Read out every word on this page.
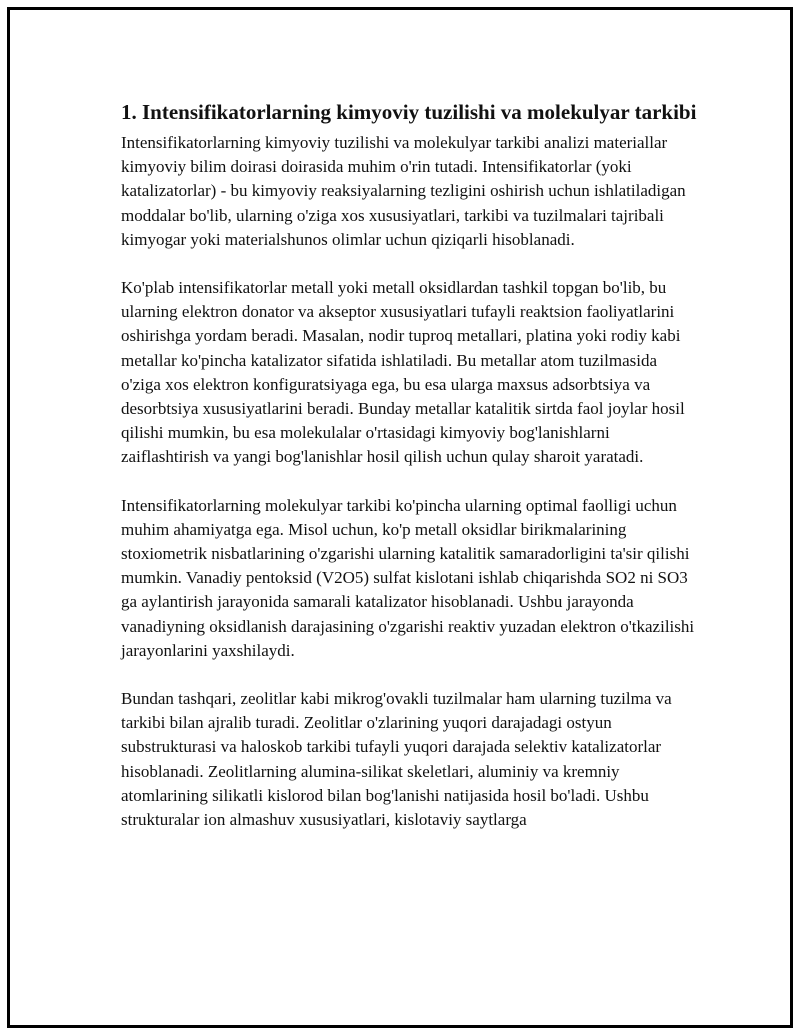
1. Intensifikatorlarning kimyoviy tuzilishi va molekulyar tarkibi

Intensifikatorlarning kimyoviy tuzilishi va molekulyar tarkibi analizi materiallar kimyoviy bilim doirasi doirasida muhim o'rin tutadi. Intensifikatorlar (yoki katalizatorlar) - bu kimyoviy reaksiyalarning tezligini oshirish uchun ishlatiladigan moddalar bo'lib, ularning o'ziga xos xususiyatlari, tarkibi va tuzilmalari tajribali kimyogar yoki materialshunos olimlar uchun qiziqarli hisoblanadi.

Ko'plab intensifikatorlar metall yoki metall oksidlardan tashkil topgan bo'lib, bu ularning elektron donator va akseptor xususiyatlari tufayli reaktsion faoliyatlarini oshirishga yordam beradi. Masalan, nodir tuproq metallari, platina yoki rodiy kabi metallar ko'pincha katalizator sifatida ishlatiladi. Bu metallar atom tuzilmasida o'ziga xos elektron konfiguratsiyaga ega, bu esa ularga maxsus adsorbtsiya va desorbtsiya xususiyatlarini beradi. Bunday metallar katalitik sirtda faol joylar hosil qilishi mumkin, bu esa molekulalar o'rtasidagi kimyoviy bog'lanishlarni zaiflashtirish va yangi bog'lanishlar hosil qilish uchun qulay sharoit yaratadi.

Intensifikatorlarning molekulyar tarkibi ko'pincha ularning optimal faolligi uchun muhim ahamiyatga ega. Misol uchun, ko'p metall oksidlar birikmalarining stoxiometrik nisbatlarining o'zgarishi ularning katalitik samaradorligini ta'sir qilishi mumkin. Vanadiy pentoksid (V2O5) sulfat kislotani ishlab chiqarishda SO2 ni SO3 ga aylantirish jarayonida samarali katalizator hisoblanadi. Ushbu jarayonda vanadiyning oksidlanish darajasining o'zgarishi reaktiv yuzadan elektron o'tkazilishi jarayonlarini yaxshilaydi.

Bundan tashqari, zeolitlar kabi mikrog'ovakli tuzilmalar ham ularning tuzilma va tarkibi bilan ajralib turadi. Zeolitlar o'zlarining yuqori darajadagi ostyun substrukturasi va haloskob tarkibi tufayli yuqori darajada selektiv katalizatorlar hisoblanadi. Zeolitlarning alumina-silikat skeletlari, aluminiy va kremniy atomlarining silikatli kislorod bilan bog'lanishi natijasida hosil bo'ladi. Ushbu strukturalar ion almashuv xususiyatlari, kislotaviy saytlarga
